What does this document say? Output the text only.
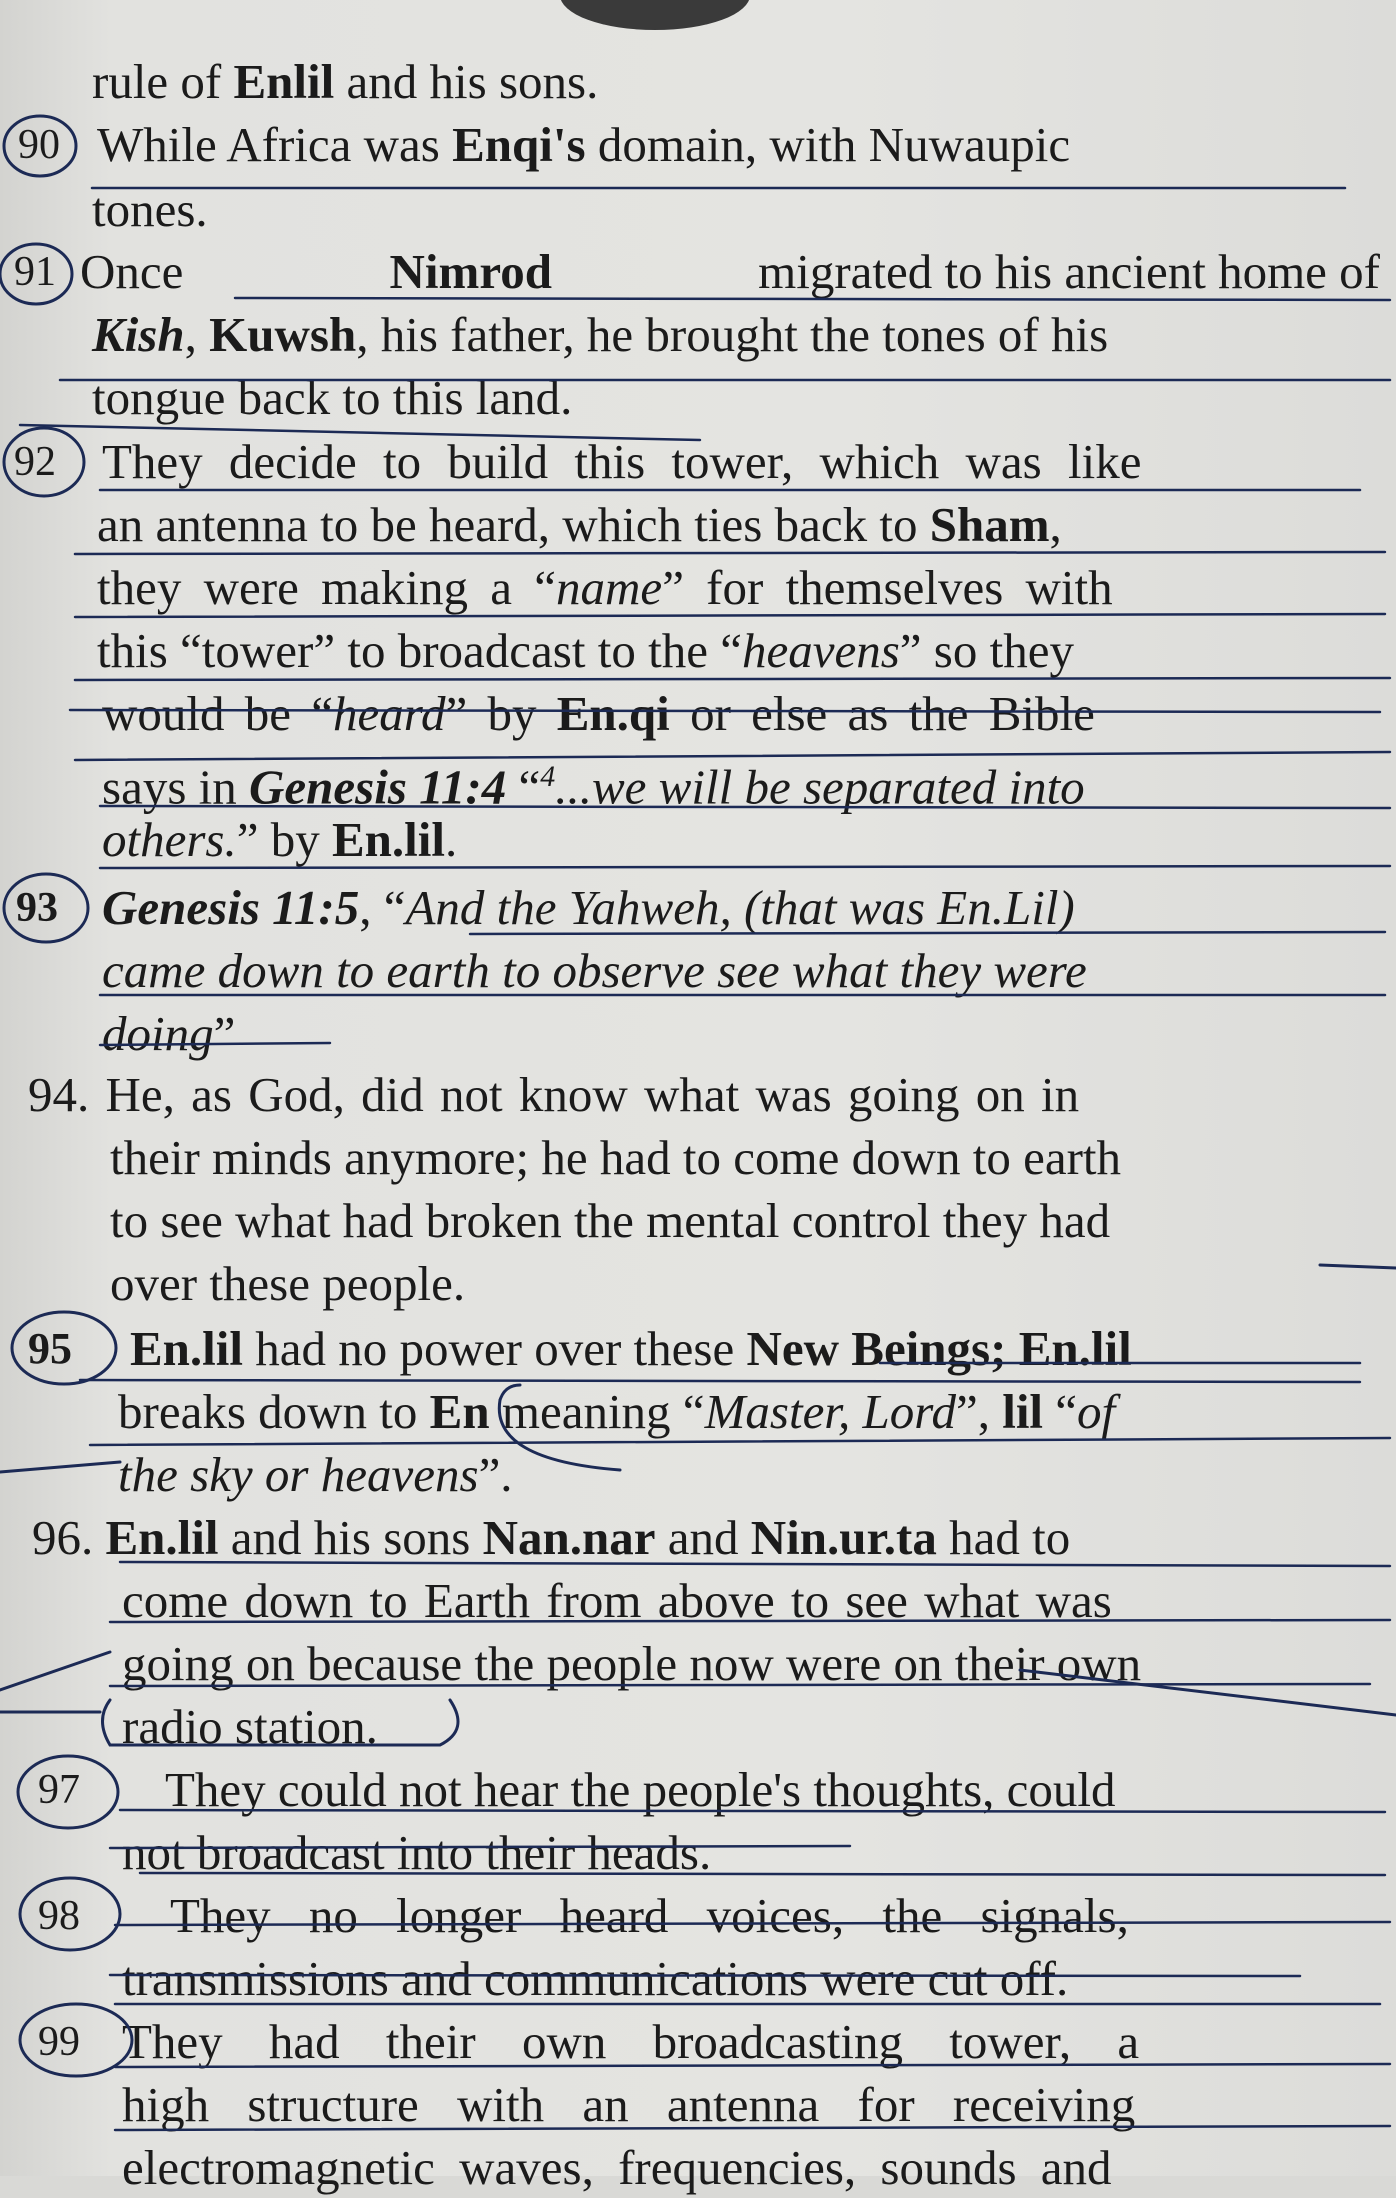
rule of Enlil and his sons.
90 While Africa was Enqi's domain, with Nuwaupic
tones.
91 Once	Nimrod	migrated to his ancient home of
Kish, Kuwsh, his father, he brought the tones of his
tongue back to this land.
92 They decide to build this tower, which was like
an antenna to be heard, which ties back to Sham,
they were making a “name” for themselves with
this “tower” to broadcast to the “heavens” so they
would be “heard” by En.qi or else as the Bible
says in Genesis 11:4 “$^4$...we will be separated into
others.” by En.lil.
93 Genesis 11:5, “And the Yahweh, (that was En.Lil)
came down to earth to observe see what they were
doing”
94. He, as God, did not know what was going on in
their minds anymore; he had to come down to earth
to see what had broken the mental control they had
over these people.
95 En.lil had no power over these New Beings; En.lil
breaks down to En meaning “Master, Lord”, lil “of
the sky or heavens”.
96. En.lil and his sons Nan.nar and Nin.ur.ta had to
come down to Earth from above to see what was
going on because the people now were on their own
radio station.
97 They could not hear the people's thoughts, could
not broadcast into their heads.
98 They no longer heard voices, the signals,
transmissions and communications were cut off.
99 They had their own broadcasting tower, a
high structure with an antenna for receiving
electromagnetic waves, frequencies, sounds and
